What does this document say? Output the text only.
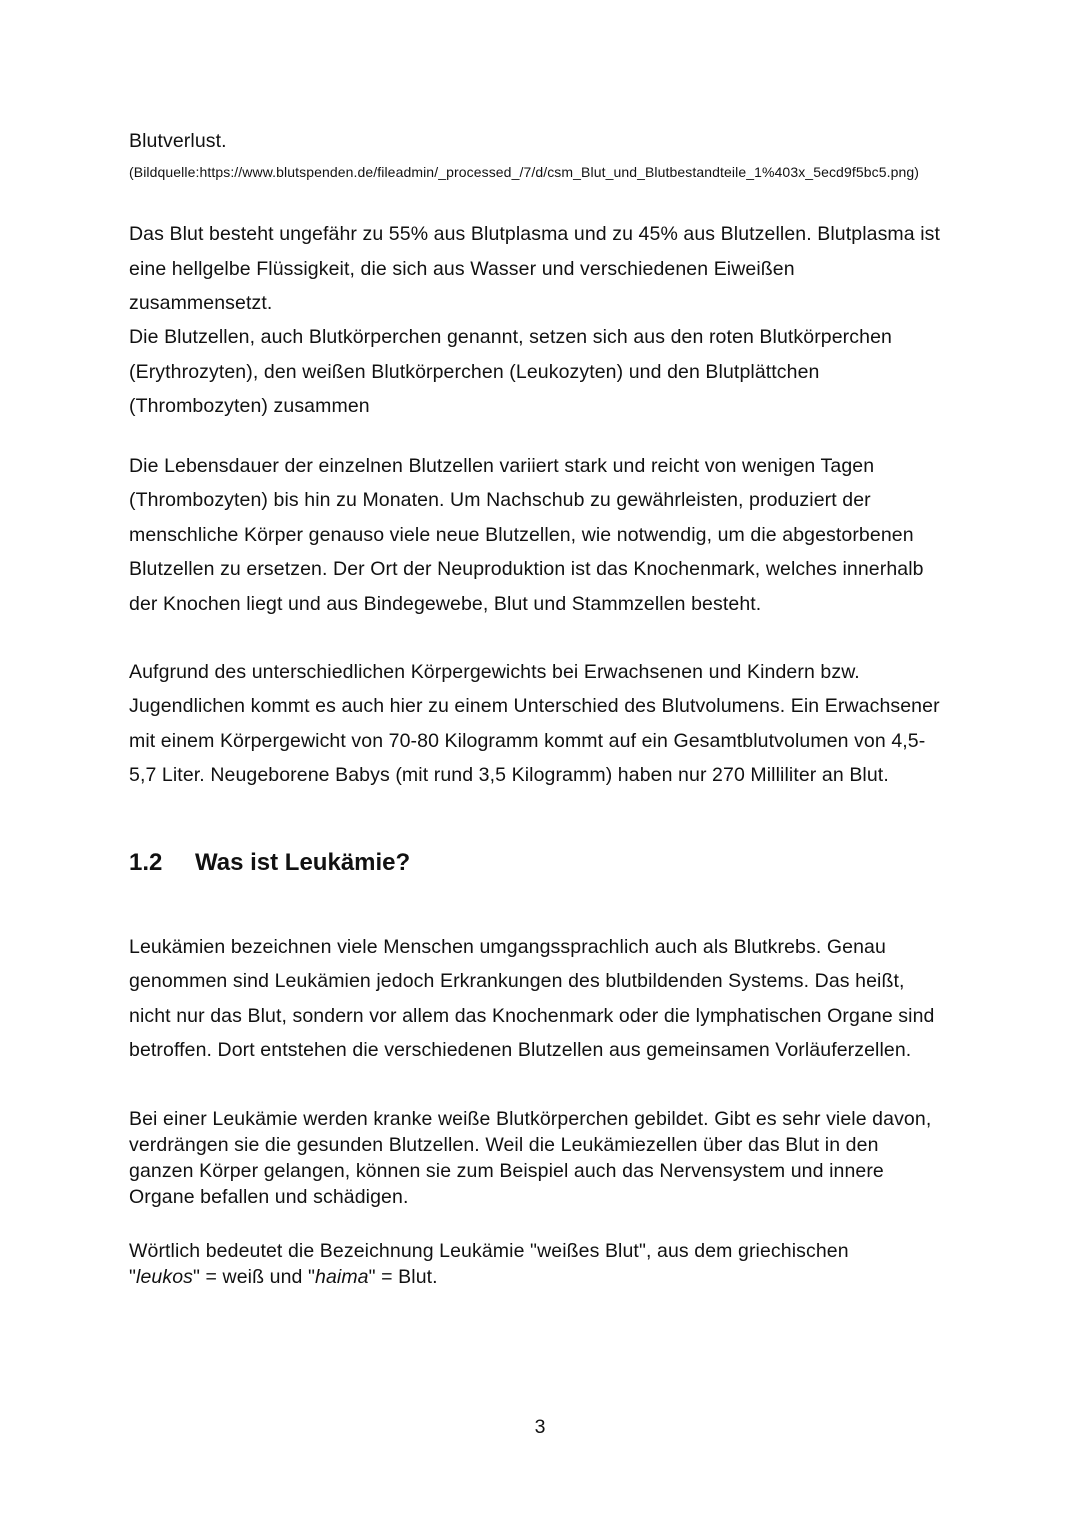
Blutverlust.
(Bildquelle:https://www.blutspenden.de/fileadmin/_processed_/7/d/csm_Blut_und_Blutbestandteile_1%403x_5ecd9f5bc5.png)
Das Blut besteht ungefähr zu 55% aus Blutplasma und zu 45% aus Blutzellen. Blutplasma ist
eine hellgelbe Flüssigkeit, die sich aus Wasser und verschiedenen Eiweißen
zusammensetzt.
Die Blutzellen, auch Blutkörperchen genannt, setzen sich aus den roten Blutkörperchen
(Erythrozyten), den weißen Blutkörperchen (Leukozyten) und den Blutplättchen
(Thrombozyten) zusammen
Die Lebensdauer der einzelnen Blutzellen variiert stark und reicht von wenigen Tagen
(Thrombozyten) bis hin zu Monaten. Um Nachschub zu gewährleisten, produziert der
menschliche Körper genauso viele neue Blutzellen, wie notwendig, um die abgestorbenen
Blutzellen zu ersetzen. Der Ort der Neuproduktion ist das Knochenmark, welches innerhalb
der Knochen liegt und aus Bindegewebe, Blut und Stammzellen besteht.
Aufgrund des unterschiedlichen Körpergewichts bei Erwachsenen und Kindern bzw.
Jugendlichen kommt es auch hier zu einem Unterschied des Blutvolumens. Ein Erwachsener
mit einem Körpergewicht von 70-80 Kilogramm kommt auf ein Gesamtblutvolumen von 4,5-
5,7 Liter. Neugeborene Babys (mit rund 3,5 Kilogramm) haben nur 270 Milliliter an Blut.
1.2 Was ist Leukämie?
Leukämien bezeichnen viele Menschen umgangssprachlich auch als Blutkrebs. Genau
genommen sind Leukämien jedoch Erkrankungen des blutbildenden Systems. Das heißt,
nicht nur das Blut, sondern vor allem das Knochenmark oder die lymphatischen Organe sind
betroffen. Dort entstehen die verschiedenen Blutzellen aus gemeinsamen Vorläuferzellen.
Bei einer Leukämie werden kranke weiße Blutkörperchen gebildet. Gibt es sehr viele davon,
verdrängen sie die gesunden Blutzellen. Weil die Leukämiezellen über das Blut in den
ganzen Körper gelangen, können sie zum Beispiel auch das Nervensystem und innere
Organe befallen und schädigen.
Wörtlich bedeutet die Bezeichnung Leukämie "weißes Blut", aus dem griechischen
"leukos" = weiß und "haima" = Blut.
3
